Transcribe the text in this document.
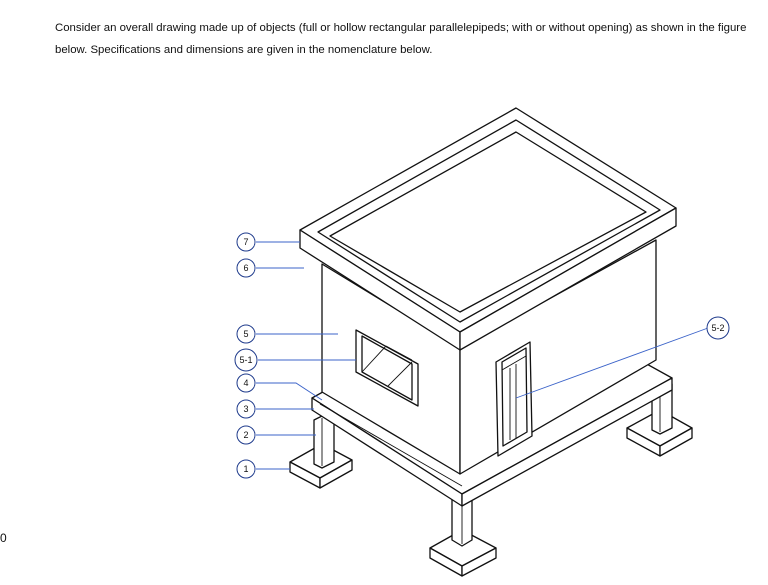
Consider an overall drawing made up of objects (full or hollow rectangular parallelepipeds; with or without opening) as shown in the figure below. Specifications and dimensions are given in the nomenclature below.
0
7
6
5
5-1
4
3
2
1
5-2
